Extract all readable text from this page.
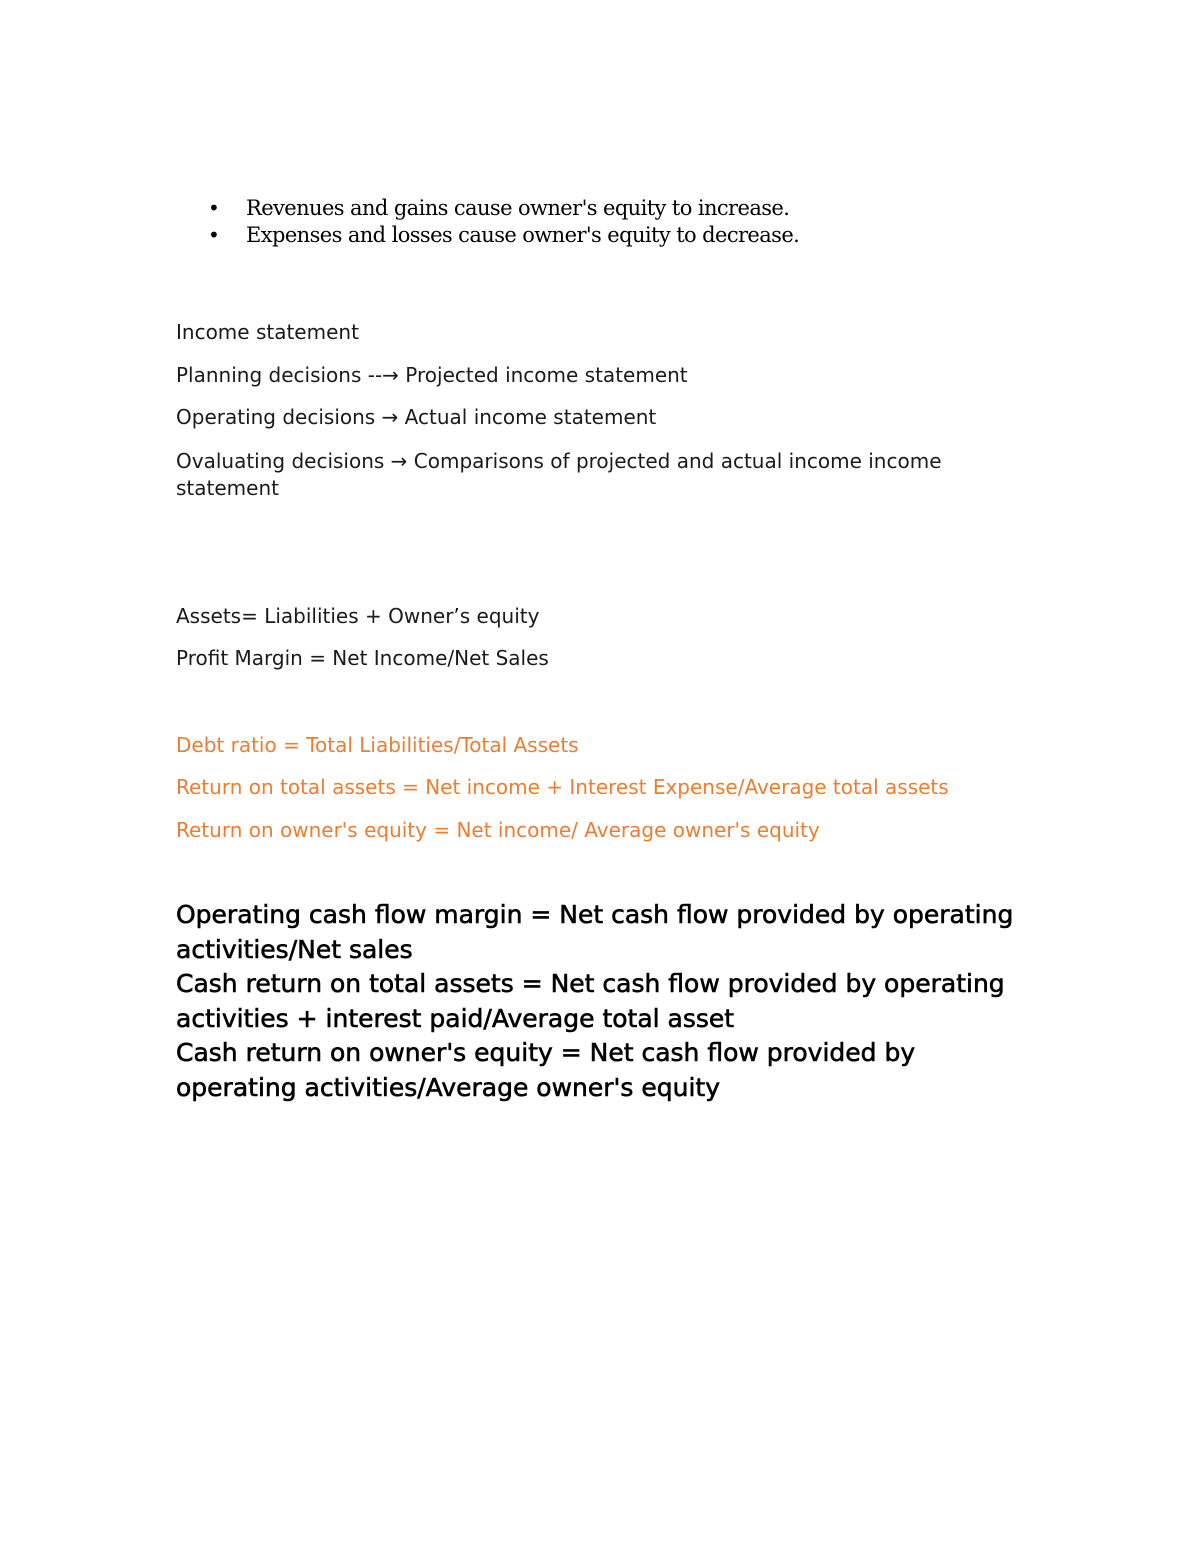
• Revenues and gains cause owner's equity to increase.
• Expenses and losses cause owner's equity to decrease.

Income statement

Planning decisions --→ Projected income statement

Operating decisions → Actual income statement

Ovaluating decisions → Comparisons of projected and actual income income statement

Assets= Liabilities + Owner’s equity

Profit Margin = Net Income/Net Sales

Debt ratio = Total Liabilities/Total Assets

Return on total assets = Net income + Interest Expense/Average total assets

Return on owner's equity = Net income/ Average owner's equity

Operating cash flow margin = Net cash flow provided by operating activities/Net sales

Cash return on total assets = Net cash flow provided by operating activities + interest paid/Average total asset

Cash return on owner's equity = Net cash flow provided by operating activities/Average owner's equity
